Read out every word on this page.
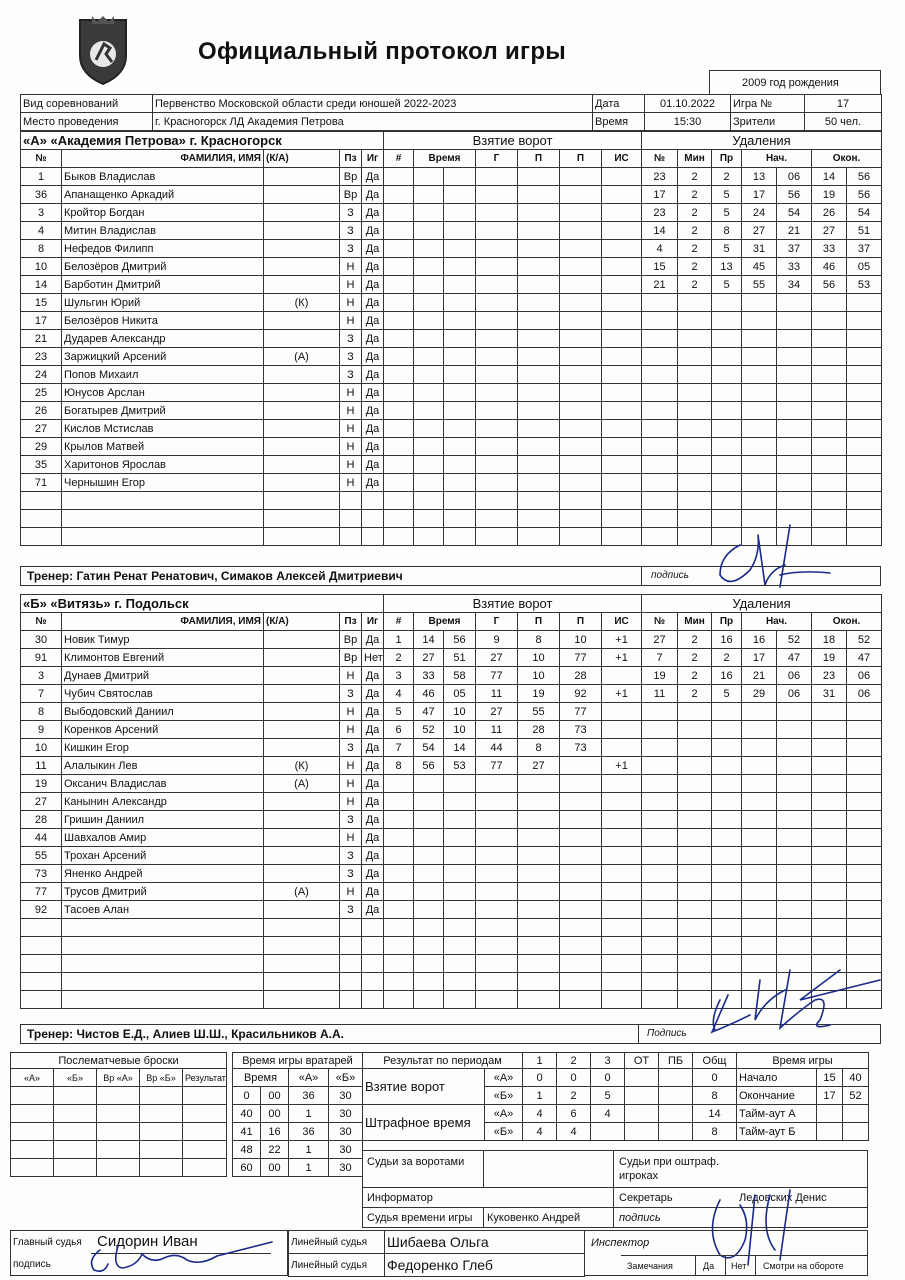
Официальный протокол игры
2009 год рождения
Вид соревнований	Первенство Московской области среди юношей 2022-2023	Дата	01.10.2022	Игра №	17
Место проведения	г. Красногорск ЛД Академия Петрова	Время	15:30	Зрители	50 чел.
«А» «Академия Петрова» г. Красногорск				
№	ФАМИЛИЯ, ИМЯ	(К/А)	Пз	Иг
1	Быков Владислав		Вр	Да
36	Апанащенко Аркадий		Вр	Да
3	Кройтор Богдан		З	Да
4	Митин Владислав		З	Да
8	Нефедов Филипп		З	Да
10	Белозёров Дмитрий		Н	Да
14	Барботин Дмитрий		Н	Да
15	Шульгин Юрий	(К)	Н	Да
17	Белозёров Никита		Н	Да
21	Дударев Александр		З	Да
23	Заржицкий Арсений	(А)	З	Да
24	Попов Михаил		З	Да
25	Юнусов Арслан		Н	Да
26	Богатырев Дмитрий		Н	Да
27	Кислов Мстислав		Н	Да
29	Крылов Матвей		Н	Да
35	Харитонов Ярослав		Н	Да
71	Чернышин Егор		Н	Да

Взятие ворот						
#	Время		Г	П	П	ИС

Удаления						
№	Мин	Пр	Нач.		Окон.	
23	2	2	13	06	14	56
17	2	5	17	56	19	56
23	2	5	24	54	26	54
14	2	8	27	21	27	51
4	2	5	31	37	33	37
15	2	13	45	33	46	05
21	2	5	55	34	56	53

Тренер: Гатин Ренат Ренатович, Симаков Алексей Дмитриевич	подпись
«Б» «Витязь» г. Подольск				
№	ФАМИЛИЯ, ИМЯ	(К/А)	Пз	Иг
30	Новик Тимур		Вр	Да
91	Климонтов Евгений		Вр	Нет
3	Дунаев Дмитрий		Н	Да
7	Чубич Святослав		З	Да
8	Выбодовский Даниил		Н	Да
9	Коренков Арсений		Н	Да
10	Кишкин Егор		З	Да
11	Алалыкин Лев	(К)	Н	Да
19	Оксанич Владислав	(А)	Н	Да
27	Канынин Александр		Н	Да
28	Гришин Даниил		З	Да
44	Шавхалов Амир		Н	Да
55	Трохан Арсений		З	Да
73	Яненко Андрей		З	Да
77	Трусов Дмитрий	(А)	Н	Да
92	Тасоев Алан		З	Да

Взятие ворот						
#	Время		Г	П	П	ИС
1	14	56	9	8	10	+1
2	27	51	27	10	77	+1
3	33	58	77	10	28	
4	46	05	11	19	92	+1
5	47	10	27	55	77	
6	52	10	11	28	73	
7	54	14	44	8	73	
8	56	53	77	27		+1

Удаления						
№	Мин	Пр	Нач.		Окон.	
27	2	16	16	52	18	52
7	2	2	17	47	19	47
19	2	16	21	06	23	06
11	2	5	29	06	31	06

Тренер: Чистов Е.Д., Алиев Ш.Ш., Красильников А.А.	Подпись
Послематчевые броски				
«А»	«Б»	Вр «А»	Вр «Б»	Результат

Время игры вратарей			
Время		«А»	«Б»
0	00	36	30
40	00	1	30
41	16	36	30
48	22	1	30
60	00	1	30
Результат по периодам		1	2	3	ОТ	ПБ	Общ
Взятие ворот	«А»	0	0	0			0
	«Б»	1	2	5			8
Штрафное время	«А»	4	6	4			14
	«Б»	4	4				8
Время игры		
Начало	15	40
Окончание	17	52
Тайм-аут А		
Тайм-аут Б		
Судьи за воротами	Судьи при оштраф. игроках
Информатор	Секретарь	Ледовских Денис
Судья времени игры Куковенко Андрей	подпись
Главный судья Сидорин Иван
подпись
Линейный судья	Шибаева Ольга
Линейный судья	Федоренко Глеб
Инспектор
Замечания	Да Нет Смотри на обороте
